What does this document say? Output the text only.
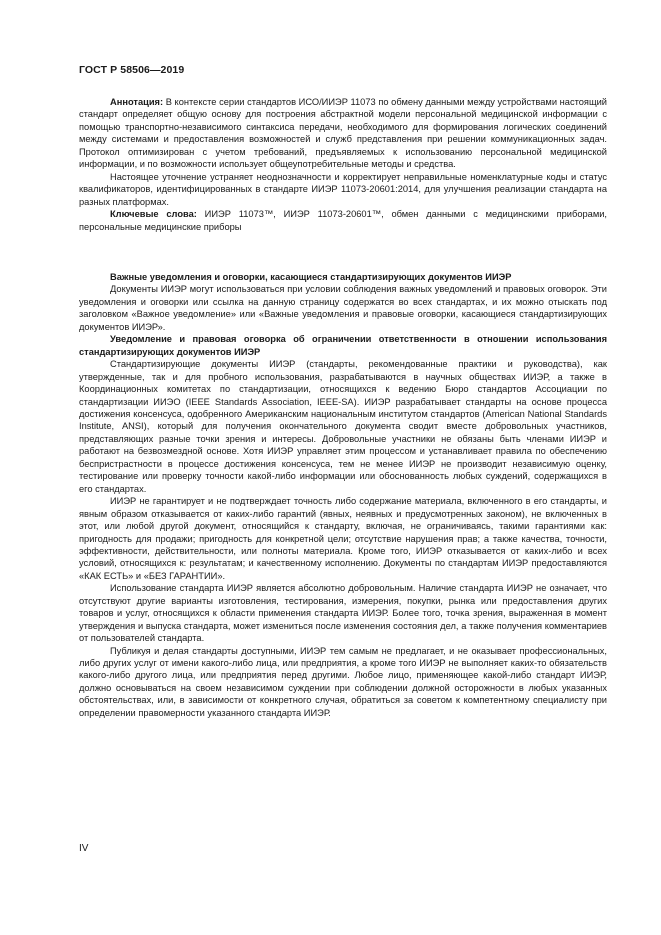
ГОСТ Р 58506—2019

Аннотация: В контексте серии стандартов ИСО/ИИЭР 11073 по обмену данными между устройствами настоящий стандарт определяет общую основу для построения абстрактной модели персональной медицинской информации с помощью транспортно-независимого синтаксиса передачи, необходимого для формирования логических соединений между системами и предоставления возможностей и служб представления при решении коммуникационных задач. Протокол оптимизирован с учетом требований, предъявляемых к использованию персональной медицинской информации, и по возможности использует общеупотребительные методы и средства.

Настоящее уточнение устраняет неоднозначности и корректирует неправильные номенклатурные коды и статус квалификаторов, идентифицированных в стандарте ИИЭР 11073-20601:2014, для улучшения реализации стандарта на разных платформах.

Ключевые слова: ИИЭР 11073™, ИИЭР 11073-20601™, обмен данными с медицинскими приборами, персональные медицинские приборы

Важные уведомления и оговорки, касающиеся стандартизирующих документов ИИЭР

Документы ИИЭР могут использоваться при условии соблюдения важных уведомлений и правовых оговорок. Эти уведомления и оговорки или ссылка на данную страницу содержатся во всех стандартах, и их можно отыскать под заголовком «Важное уведомление» или «Важные уведомления и правовые оговорки, касающиеся стандартизирующих документов ИИЭР».

Уведомление и правовая оговорка об ограничении ответственности в отношении использования стандартизирующих документов ИИЭР

Стандартизирующие документы ИИЭР (стандарты, рекомендованные практики и руководства), как утвержденные, так и для пробного использования, разрабатываются в научных обществах ИИЭР, а также в Координационных комитетах по стандартизации, относящихся к ведению Бюро стандартов Ассоциации по стандартизации ИИЭО (IEEE Standards Association, IEEE-SA). ИИЭР разрабатывает стандарты на основе процесса достижения консенсуса, одобренного Американским национальным институтом стандартов (American National Standards Institute, ANSI), который для получения окончательного документа сводит вместе добровольных участников, представляющих разные точки зрения и интересы. Добровольные участники не обязаны быть членами ИИЭР и работают на безвозмездной основе. Хотя ИИЭР управляет этим процессом и устанавливает правила по обеспечению беспристрастности в процессе достижения консенсуса, тем не менее ИИЭР не производит независимую оценку, тестирование или проверку точности какой-либо информации или обоснованность любых суждений, содержащихся в его стандартах.

ИИЭР не гарантирует и не подтверждает точность либо содержание материала, включенного в его стандарты, и явным образом отказывается от каких-либо гарантий (явных, неявных и предусмотренных законом), не включенных в этот, или любой другой документ, относящийся к стандарту, включая, не ограничиваясь, такими гарантиями как: пригодность для продажи; пригодность для конкретной цели; отсутствие нарушения прав; а также качества, точности, эффективности, действительности, или полноты материала. Кроме того, ИИЭР отказывается от каких-либо и всех условий, относящихся к: результатам; и качественному исполнению. Документы по стандартам ИИЭР предоставляются «КАК ЕСТЬ» и «БЕЗ ГАРАНТИИ».

Использование стандарта ИИЭР является абсолютно добровольным. Наличие стандарта ИИЭР не означает, что отсутствуют другие варианты изготовления, тестирования, измерения, покупки, рынка или предоставления других товаров и услуг, относящихся к области применения стандарта ИИЭР. Более того, точка зрения, выраженная в момент утверждения и выпуска стандарта, может измениться после изменения состояния дел, а также получения комментариев от пользователей стандарта.

Публикуя и делая стандарты доступными, ИИЭР тем самым не предлагает, и не оказывает профессиональных, либо других услуг от имени какого-либо лица, или предприятия, а кроме того ИИЭР не выполняет каких-то обязательств какого-либо другого лица, или предприятия перед другими. Любое лицо, применяющее какой-либо стандарт ИИЭР, должно основываться на своем независимом суждении при соблюдении должной осторожности в любых указанных обстоятельствах, или, в зависимости от конкретного случая, обратиться за советом к компетентному специалисту при определении правомерности указанного стандарта ИИЭР.

IV
